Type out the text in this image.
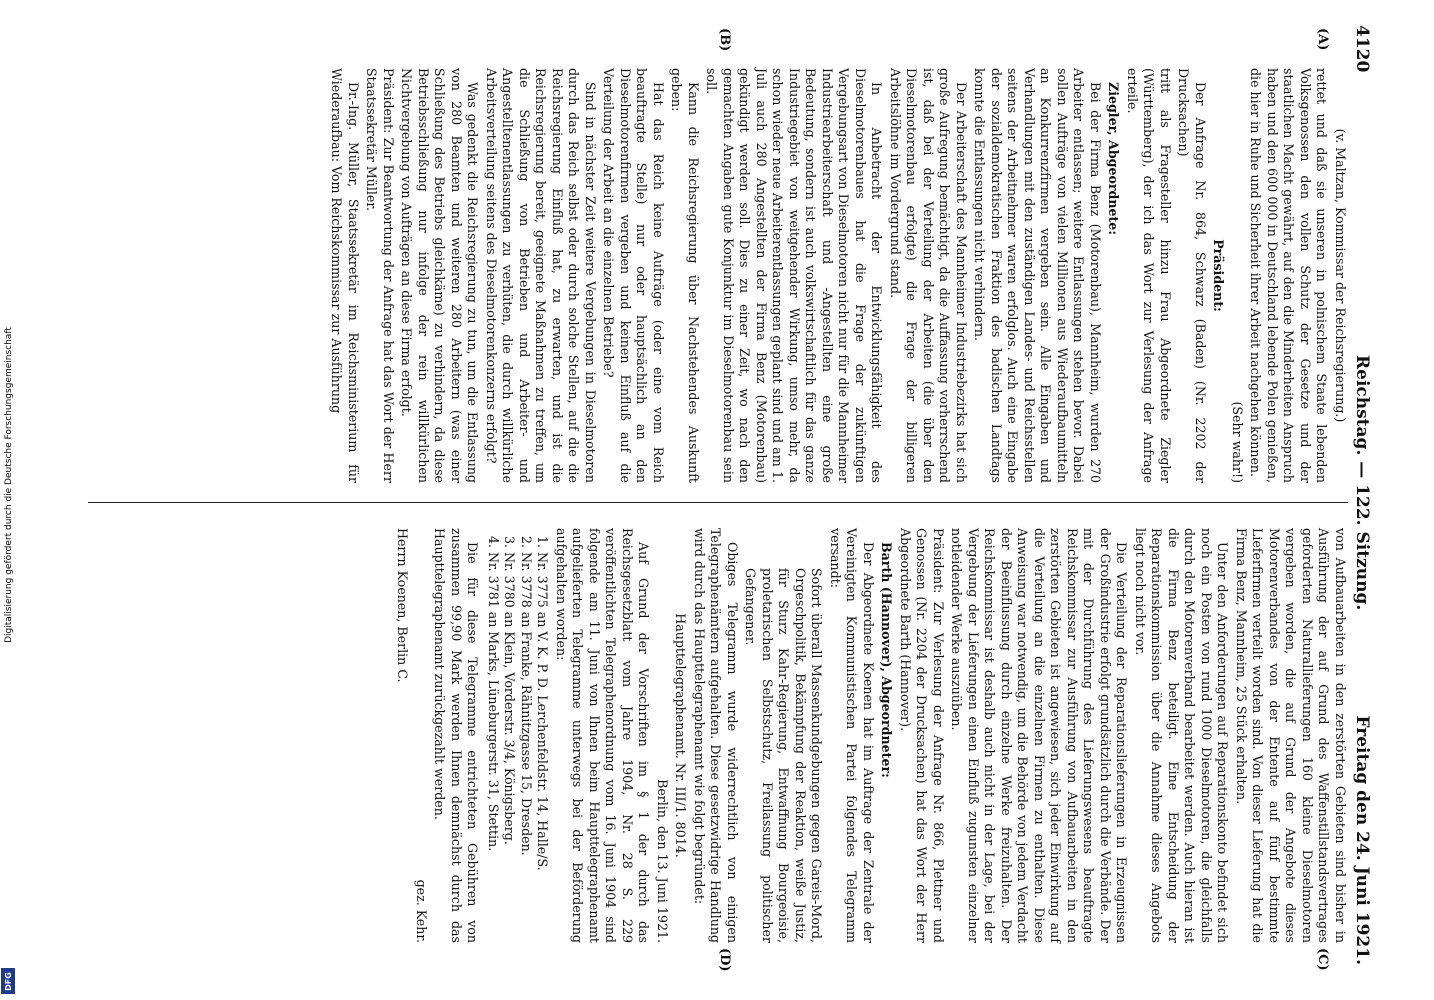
4120
Reichstag. — 122. Sitzung.
Freitag den 24. Juni 1921.
(A)
(B)
(C)
(D)

(v. Maltzan, Kommissar der Reichsregierung.)

rettet und daß sie unseren in polnischem Staate lebenden Volksgenossen den vollen Schutz der Gesetze und der staatlichen Macht gewährt, auf den die Minderheiten Anspruch haben und den 600 000 in Deutschland lebende Polen genießen, die hier in Ruhe und Sicherheit ihrer Arbeit nachgehen können.

(Sehr wahr!)

Präsident:

Der Anfrage Nr. 864, Schwarz (Baden) (Nr. 2202 der Drucksachen)

tritt als Fragesteller hinzu Frau Abgeordnete Ziegler (Württemberg), der ich das Wort zur Verlesung der Anfrage erteile.

Ziegler, Abgeordnete:

Bei der Firma Benz (Motorenbau), Mannheim, wurden 270 Arbeiter entlassen; weitere Entlassungen stehen bevor. Dabei sollen Aufträge von vielen Millionen aus Wiederaufbaumitteln an Konkurrenzfirmen vergeben sein. Alle Eingaben und Verhandlungen mit den zuständigen Landes- und Reichsstellen seitens der Arbeitnehmer waren erfolglos. Auch eine Eingabe der sozialdemokratischen Fraktion des badischen Landtags konnte die Entlassungen nicht verhindern.

Der Arbeiterschaft des Mannheimer Industriebezirks hat sich große Aufregung bemächtigt, da die Auffassung vorherrschend ist, daß bei der Verteilung der Arbeiten (die über den Dieselmotorenbau erfolgte) die Frage der billigeren Arbeitslöhne im Vordergrund stand.

In Anbetracht der Entwicklungsfähigkeit des Dieselmotorenbaues hat die Frage der zukünftigen Vergebungsart von Dieselmotoren nicht nur für die Mannheimer Industriearbeiterschaft und -Angestellten eine große Bedeutung, sondern ist auch volkswirtschaftlich für das ganze Industriegebiet von weitgehender Wirkung, umso mehr, da schon wieder neue Arbeiterentlassungen geplant sind und am 1. Juli auch 280 Angestellten der Firma Benz (Motorenbau) gekündigt werden soll. Dies zu einer Zeit, wo nach den gemachten Angaben gute Konjunktur im Dieselmotorenbau sein soll.

Kann die Reichsregierung über Nachstehendes Auskunft geben:

Hat das Reich keine Aufträge (oder eine vom Reich beauftragte Stelle) nur oder hauptsächlich an den Dieselmotorenfirmen vergeben und keinen Einfluß auf die Verteilung der Arbeit an die einzelnen Betriebe?

Sind in nächster Zeit weitere Vergebungen in Dieselmotoren durch das Reich selbst oder durch solche Stellen, auf die die Reichsregierung Einfluß hat, zu erwarten, und ist die Reichsregierung bereit, geeignete Maßnahmen zu treffen, um die Schließung von Betrieben und Arbeiter- und Angestelltenentlassungen zu verhüten, die durch willkürliche Arbeitsverteilung seitens des Dieselmotorenkonzerns erfolgt?

Was gedenkt die Reichsregierung zu tun, um die Entlassung von 280 Beamten und weiteren 280 Arbeitern (was einer Schließung des Betriebs gleichkäme) zu verhindern, da diese Betriebsschließung nur infolge der rein willkürlichen Nichtvergebung von Aufträgen an diese Firma erfolgt.

Präsident: Zur Beantwortung der Anfrage hat das Wort der Herr Staatssekretär Müller.

Dr.-Ing. Müller, Staatssekretär im Reichsministerium für Wiederaufbau: Vom Reichskommissar zur Ausführung

von Aufbauarbeiten in den zerstörten Gebieten sind bisher in Ausführung der auf Grund des Waffenstillstandsvertrages geforderten Naturallieferungen 160 kleine Dieselmotoren vergeben worden, die auf Grund der Angebote dieses Motorenverbandes von der Entente auf fünf bestimmte Lieferfirmen verteilt worden sind. Von dieser Lieferung hat die Firma Benz, Mannheim, 25 Stück erhalten.

Unter den Anforderungen auf Reparationskonto befindet sich noch ein Posten von rund 1000 Dieselmotoren, die gleichfalls durch den Motorenverband bearbeitet werden. Auch hieran ist die Firma Benz beteiligt. Eine Entscheidung der Reparationskommission über die Annahme dieses Angebots liegt noch nicht vor.

Die Verteilung der Reparationslieferungen in Erzeugnissen der Großindustrie erfolgt grundsätzlich durch die Verbände. Der mit der Durchführung des Lieferungswesens beauftragte Reichskommissar zur Ausführung von Aufbauarbeiten in den zerstörten Gebieten ist angewiesen, sich jeder Einwirkung auf die Verteilung an die einzelnen Firmen zu enthalten. Diese Anweisung war notwendig, um die Behörde von jedem Verdacht der Beeinflussung durch einzelne Werke freizuhalten. Der Reichskommissar ist deshalb auch nicht in der Lage, bei der Vergebung der Lieferungen einen Einfluß zugunsten einzelner notleidender Werke auszuüben.

Präsident: Zur Verlesung der Anfrage Nr. 866, Plettner und Genossen (Nr. 2204 der Drucksachen) hat das Wort der Herr Abgeordnete Barth (Hannover).

Barth (Hannover), Abgeordneter:

Der Abgeordnete Koenen hat im Auftrage der Zentrale der Vereinigten Kommunistischen Partei folgendes Telegramm versandt:

Sofort überall Massenkundgebungen gegen Gareis-Mord, Orgeschpolitik, Bekämpfung der Reaktion, weiße Justiz, für Sturz Kahr-Regierung, Entwaffnung Bourgeoisie, proletarischen Selbstschutz, Freilassung politischer Gefangener.

Obiges Telegramm wurde widerrechtlich von einigen Telegraphenämtern aufgehalten. Diese gesetzwidrige Handlung wird durch das Haupttelegraphenamt wie folgt begründet:

Haupttelegraphenamt. Nr. III/1. 8014.

Berlin, den 13. Juni 1921.

Auf Grund der Vorschriften im § 1 der durch das Reichsgesetzblatt vom Jahre 1904, Nr. 28 S. 229 veröffentlichten Telegraphenordnung vom 16. Juni 1904 sind folgende am 11. Juni von Ihnen beim Haupttelegraphenamt aufgelieferten Telegramme unterwegs bei der Beförderung aufgehalten worden:

1. Nr. 3775 an V. K. P. D. Lerchenfeldstr. 14, Halle/S.
2. Nr. 3778 an Franke, Rähnitzgasse 15, Dresden.
3. Nr. 3780 an Klein, Vorderstr. 3/4, Königsberg.
4. Nr. 3781 an Marks, Lüneburgerstr. 31, Stettin.

Die für diese Telegramme entrichteten Gebühren von zusammen 99,90 Mark werden Ihnen demnächst durch das Haupttelegraphenamt zurückgezahlt werden.

gez. Kehr.

Herrn Koenen, Berlin C.

Digitalisierung gefördert durch die Deutsche Forschungsgemeinschaft
DFG
